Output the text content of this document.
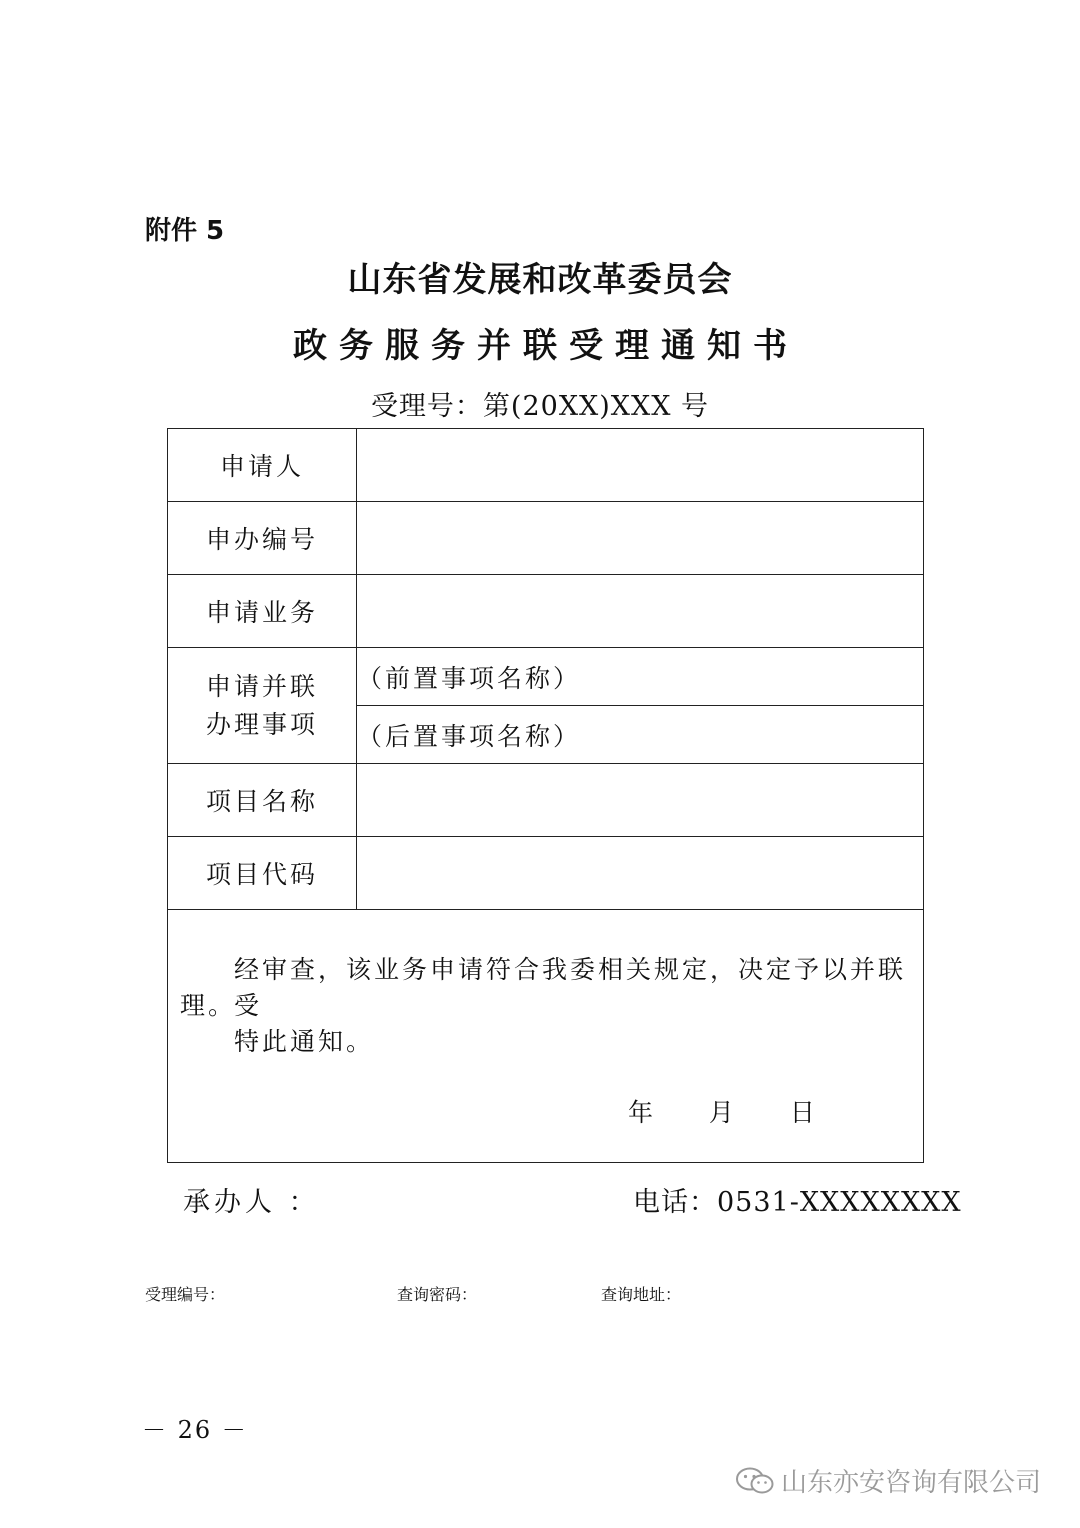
附件 5
山东省发展和改革委员会
政务服务并联受理通知书
受理号：第(20XX)XXX 号
申请人	
申办编号	
申请业务	

申请并联
办理事项	（前置事项名称）
	（后置事项名称）
项目名称	
项目代码	

经审查，该业务申请符合我委相关规定，决定予以并联受
理。
特此通知。
年 月 日	
承办人 ：	电话：0531-XXXXXXXX
受理编号：	查询密码：	查询地址：
－ 26 －
山东亦安咨询有限公司
